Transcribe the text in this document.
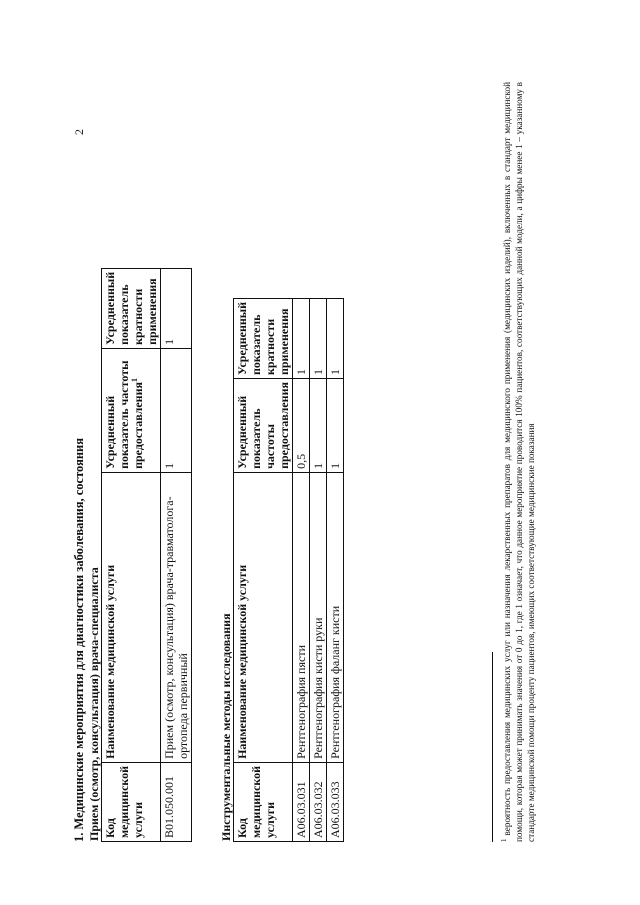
2
1.Медицинские мероприятия для диагностики заболевания, состояния Прием (осмотр, консультация) врача-специалиста Код медицинской услуги	Наименование медицинской услуги	Усредненный показатель частоты предоставления$^1$	Усредненный показатель кратности применения
B01.050.001	Прием (осмотр, консультация) врача-травматолога-ортопеда первичный	1	1
Инструментальные методы исследования Код медицинской услуги	Наименование медицинской услуги	Усредненный показатель частоты предоставления	Усредненный показатель кратности применения
A06.03.031	Рентгенография пясти	0,5	1
A06.03.032	Рентгенография кисти руки	1	1
A06.03.033	Рентгенография фаланг кисти	1	1
$^1$вероятность предоставления медицинских услуг или назначения лекарственных препаратов для медицинского применения (медицинских изделий), включенных в стандарт медицинской помощи, которая может принимать значения от 0 до 1, где 1 означает, что данное мероприятие проводится 100% пациентов, соответствующих данной модели, а цифры менее 1 – указанному в стандарте медицинской помощи проценту пациентов, имеющих соответствующие медицинские показания
